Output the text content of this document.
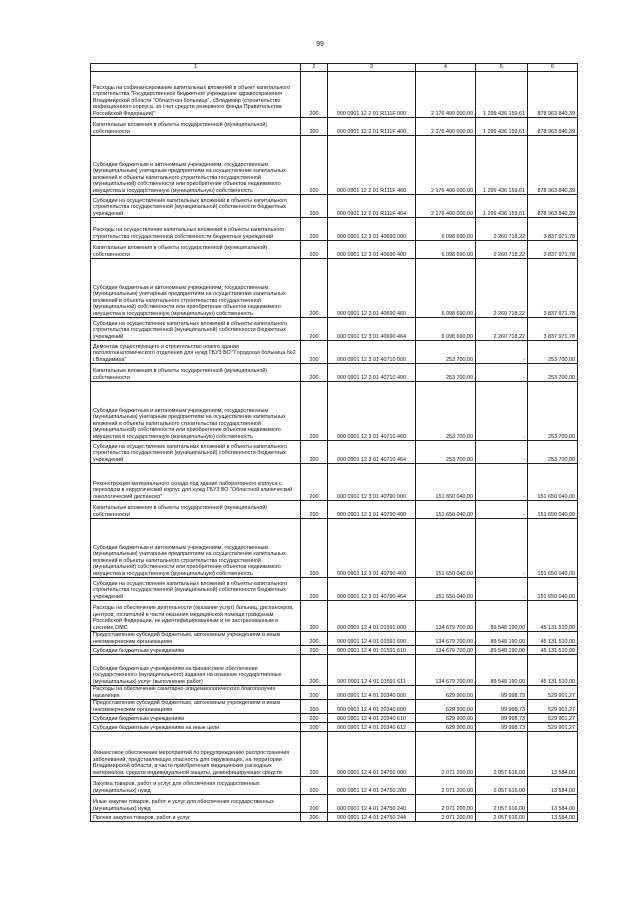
99
1	2	3	4	5	6
Расходы на софинансирование капитальных вложений в объект капитального строительства "Государственное бюджетное учреждение здравоохранения Владимирской области "Областная больница", г.Владимир (строительство инфекционного корпуса, за счет средств резервного фонда Правительства Российской Федерации)"	200	000 0901 12 2 01 R111F 000	2 176 400 000,00	1 299 436 159,61	878 963 840,39
Капитальные вложения в объекты государственной (муниципальной) собственности	200	000 0901 12 2 01 R111F 400	2 176 400 000,00	1 299 436 159,61	878 963 840,39
Субсидии бюджетным и автономным учреждениям, государственным (муниципальным) унитарным предприятиям на осуществление капитальных вложений в объекты капитального строительства государственной (муниципальной) собственности или приобретение объектов недвижимого имущества в государственную (муниципальную) собственность	200	000 0901 12 2 01 R111F 460	2 176 400 000,00	1 299 436 159,61	878 963 840,39
Субсидии на осуществление капитальных вложений в объекты капитального строительства государственной (муниципальной) собственности бюджетных учреждений	200	000 0901 12 2 01 R111F 464	2 176 400 000,00	1 299 436 159,61	878 963 840,39
Расходы на осуществление капитальных вложений в объекты капитального строительства государственной собственности бюджетных учреждений	200	000 0901 12 3 01 40690 000	6 098 690,00	2 260 718,22	3 837 971,78
Капитальные вложения в объекты государственной (муниципальной) собственности	200	000 0901 12 3 01 40690 400	6 098 690,00	2 260 718,22	3 837 971,78
Субсидии бюджетным и автономным учреждениям, государственным (муниципальным) унитарным предприятиям на осуществление капитальных вложений в объекты капитального строительства государственной (муниципальной) собственности или приобретение объектов недвижимого имущества в государственную (муниципальную) собственность	200	000 0901 12 3 01 40690 460	6 098 690,00	2 260 718,22	3 837 971,78
Субсидии на осуществление капитальных вложений в объекты капитального строительства государственной (муниципальной) собственности бюджетных учреждений	200	000 0901 12 3 01 40690 464	6 098 690,00	2 260 718,22	3 837 971,78
Демонтаж существующего и строительство нового здания патологоанатомического отделения для нужд ГБУЗ ВО "Городская больница №2 г.Владимира"	200	000 0901 12 3 01 40710 000	253 700,00	-	253 700,00
Капитальные вложения в объекты государственной (муниципальной) собственности	200	000 0901 12 3 01 40710 400	253 700,00	-	253 700,00
Субсидии бюджетным и автономным учреждениям, государственным (муниципальным) унитарным предприятиям на осуществление капитальных вложений в объекты капитального строительства государственной (муниципальной) собственности или приобретение объектов недвижимого имущества в государственную (муниципальную) собственность	200	000 0901 12 3 01 40710 460	253 700,00	-	253 700,00
Субсидии на осуществление капитальных вложений в объекты капитального строительства государственной (муниципальной) собственности бюджетных учреждений	200	000 0901 12 3 01 40710 464	253 700,00	-	253 700,00
Реконструкция материального склада под здание лабораторного корпуса с переходом в хирургический корпус для нужд ГБУЗ ВО "Областной клинический онкологический диспансер"	200	000 0901 12 3 01 40790 000	151 650 040,00	-	151 650 040,00
Капитальные вложения в объекты государственной (муниципальной) собственности	200	000 0901 12 3 01 40790 400	151 650 040,00	-	151 650 040,00
Субсидии бюджетным и автономным учреждениям, государственным (муниципальным) унитарным предприятиям на осуществление капитальных вложений в объекты капитального строительства государственной (муниципальной) собственности или приобретение объектов недвижимого имущества в государственную (муниципальную) собственность	200	000 0901 12 3 01 40790 460	151 650 040,00	-	151 650 040,00
Субсидии на осуществление капитальных вложений в объекты капитального строительства государственной (муниципальной) собственности бюджетных учреждений	200	000 0901 12 3 01 40790 464	151 650 040,00	-	151 650 040,00
Расходы на обеспечение деятельности (оказание услуг) больниц, диспансеров, центров, госпиталей в части оказания медицинской помощи гражданам Российской Федерации, не идентифицированным и не застрахованным в системе ОМС	200	000 0901 12 4 01 01591 000	134 679 700,00	89 548 190,00	45 131 510,00
Предоставление субсидий бюджетным, автономным учреждениям и иным некоммерческим организациям	200	000 0901 12 4 01 01591 600	134 679 700,00	89 548 190,00	45 131 510,00
Субсидии бюджетным учреждениям	200	000 0901 12 4 01 01591 610	134 679 700,00	89 548 190,00	45 131 510,00
Субсидии бюджетным учреждениям на финансовое обеспечение государственного (муниципального) задания на оказание государственных (муниципальных) услуг (выполнение работ)	200	000 0901 12 4 01 01591 611	134 679 700,00	89 548 190,00	45 131 510,00
Расходы на обеспечение санитарно-эпидемиологического благополучия населения	200	000 0901 12 4 01 20340 000	629 900,00	99 998,73	529 901,27
Предоставление субсидий бюджетным, автономным учреждениям и иным некоммерческим организациям	200	000 0901 12 4 01 20340 600	629 900,00	99 998,73	529 901,27
Субсидии бюджетным учреждениям	200	000 0901 12 4 01 20340 610	629 900,00	99 998,73	529 901,27
Субсидии бюджетным учреждениям на иные цели	200	000 0901 12 4 01 20340 612	629 900,00	99 998,73	529 901,27
Финансовое обеспечение мероприятий по предупреждению распространения заболеваний, представляющих опасность для окружающих, на территории Владимирской области, в части приобретения медицинских расходных материалов, средств индивидуальной защиты, дезинфицирующих средств	200	000 0901 12 4 01 24750 000	2 071 200,00	2 057 616,00	13 584,00
Закупка товаров, работ и услуг для обеспечения государственных (муниципальных) нужд	200	000 0901 12 4 01 24750 200	2 071 200,00	2 057 616,00	13 584,00
Иные закупки товаров, работ и услуг для обеспечения государственных (муниципальных) нужд	200	000 0901 12 4 01 24750 240	2 071 200,00	2 057 616,00	13 584,00
Прочая закупка товаров, работ и услуг	200	000 0901 12 4 01 24750 244	2 071 200,00	2 057 616,00	13 584,00
